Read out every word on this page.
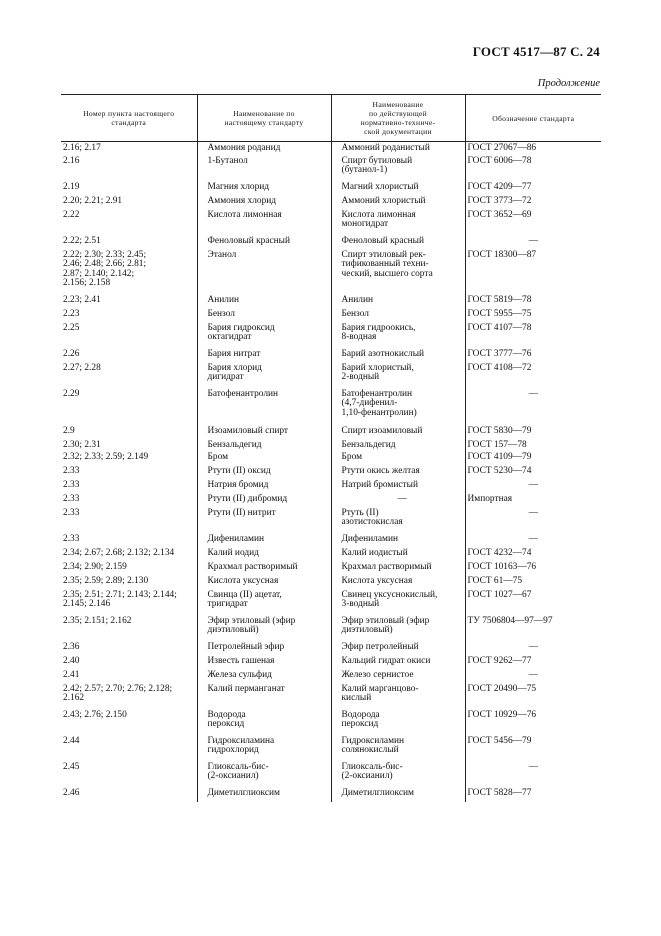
ГОСТ 4517—87 С. 24
Продолжение
Номер пункта настоящего
стандарта	Наименование по
настоящему стандарту	Наименование
по действующей
нормативно-техниче-
ской документации	Обозначение стандарта
2.16; 2.17	Аммония роданид	Аммоний роданистый	ГОСТ 27067—86
2.16	1-Бутанол	Спирт бутиловый
(бутанол-1)	ГОСТ 6006—78
2.19	Магния хлорид	Магний хлористый	ГОСТ 4209—77
2.20; 2.21; 2.91	Аммония хлорид	Аммоний хлористый	ГОСТ 3773—72
2.22	Кислота лимонная	Кислота лимонная
моногидрат	ГОСТ 3652—69
2.22; 2.51	Феноловый красный	Феноловый красный	—

2.22; 2.30; 2.33; 2.45;
2.46; 2.48; 2.66; 2.81;
2.87; 2.140; 2.142;
2.156; 2.158	Этанол	Спирт этиловый рек-
тификованный техни-
ческий, высшего сорта	ГОСТ 18300—87
2.23; 2.41	Анилин	Анилин	ГОСТ 5819—78
2.23	Бензол	Бензол	ГОСТ 5955—75
2.25	Бария гидроксид
октагидрат	Бария гидроокись,
8-водная	ГОСТ 4107—78
2.26	Бария нитрат	Барий азотнокислый	ГОСТ 3777—76
2.27; 2.28	Бария хлорид
дигидрат	Барий хлористый,
2-водный	ГОСТ 4108—72
2.29	Батофенантролин	Батофенантролин
(4,7-дифенил-
1,10-фенантролин)	—

2.9	Изоамиловый спирт	Спирт изоамиловый	ГОСТ 5830—79
2.30; 2.31	Бензальдегид	Бензальдегид	ГОСТ 157—78
2.32; 2.33; 2.59; 2.149	Бром	Бром	ГОСТ 4109—79
2.33	Ртути (II) оксид	Ртути окись желтая	ГОСТ 5230—74
2.33	Натрия бромид	Натрий бромистый	—

2.33	Ртути (II) дибромид	—	Импортная
2.33	Ртути (II) нитрит	Ртуть (II)
азотистокислая	—

2.33	Дифениламин	Дифениламин	—

2.34; 2.67; 2.68; 2.132; 2.134	Калий иодид	Калий иодистый	ГОСТ 4232—74
2.34; 2.90; 2.159	Крахмал растворимый	Крахмал растворимый	ГОСТ 10163—76
2.35; 2.59; 2.89; 2.130	Кислота уксусная	Кислота уксусная	ГОСТ 61—75
2.35; 2.51; 2.71; 2.143; 2.144;
2.145; 2.146	Свинца (II) ацетат,
тригидрат	Свинец уксуснокислый,
3-водный	ГОСТ 1027—67
2.35; 2.151; 2.162	Эфир этиловый (эфир
диэтиловый)	Эфир этиловый (эфир
диэтиловый)	ТУ 7506804—97—97
2.36	Петролейный эфир	Эфир петролейный	—

2.40	Известь гашеная	Кальций гидрат окиси	ГОСТ 9262—77
2.41	Железа сульфид	Железо сернистое	—

2.42; 2.57; 2.70; 2.76; 2.128;
2.162	Калий перманганат	Калий марганцово-
кислый	ГОСТ 20490—75
2.43; 2.76; 2.150	Водорода
пероксид	Водорода
пероксид	ГОСТ 10929—76
2.44	Гидроксиламина
гидрохлорид	Гидроксиламин
солянокислый	ГОСТ 5456—79
2.45	Глиоксаль-бис-
(2-оксианил)	Глиоксаль-бис-
(2-оксианил)	—

2.46	Диметилглиоксим	Диметилглиоксим	ГОСТ 5828—77
